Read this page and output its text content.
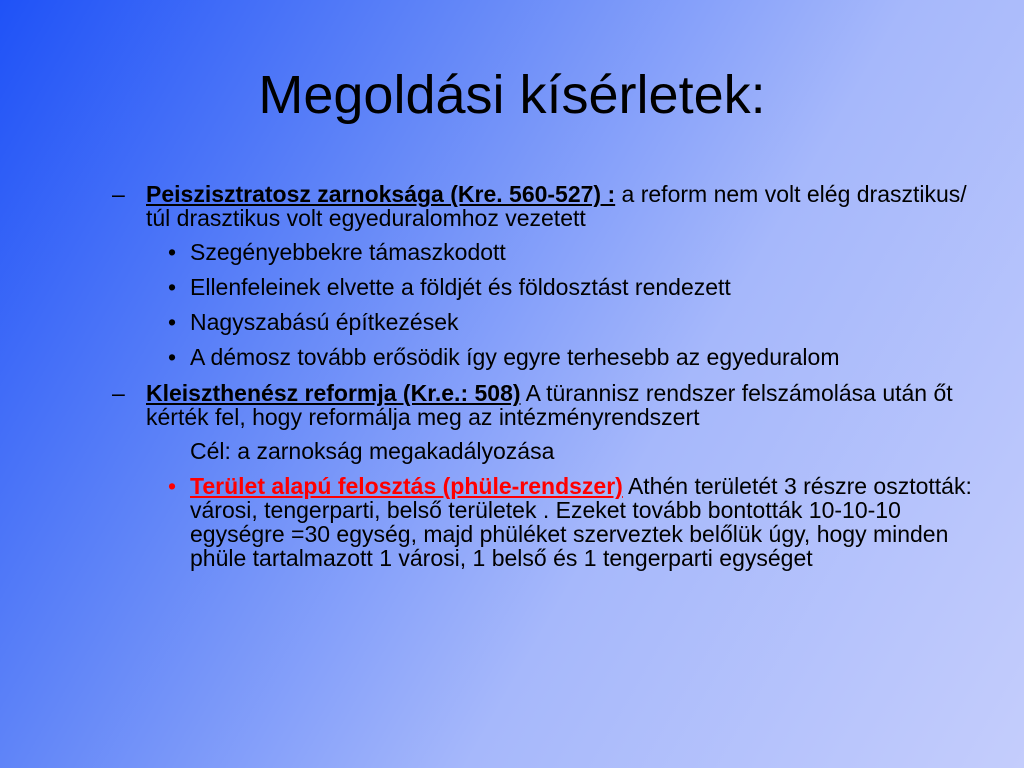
Megoldási kísérletek:
– Peiszisztratosz zarnoksága (Kre. 560-527) : a reform nem volt elég drasztikus/ túl drasztikus volt egyeduralomhoz vezetett
• Szegényebbekre támaszkodott
• Ellenfeleinek elvette a földjét és földosztást rendezett
• Nagyszabású építkezések
• A démosz tovább erősödik így egyre terhesebb az egyeduralom
– Kleiszthenész reformja (Kr.e.: 508) A türannisz rendszer felszámolása után őt kérték fel, hogy reformálja meg az intézményrendszert
Cél: a zarnokság megakadályozása
• Terület alapú felosztás (phüle-rendszer) Athén területét 3 részre osztották: városi, tengerparti, belső területek . Ezeket tovább bontották 10-10-10 egységre =30 egység, majd phüléket szerveztek belőlük úgy, hogy minden phüle tartalmazott 1 városi, 1 belső és 1 tengerparti egységet
